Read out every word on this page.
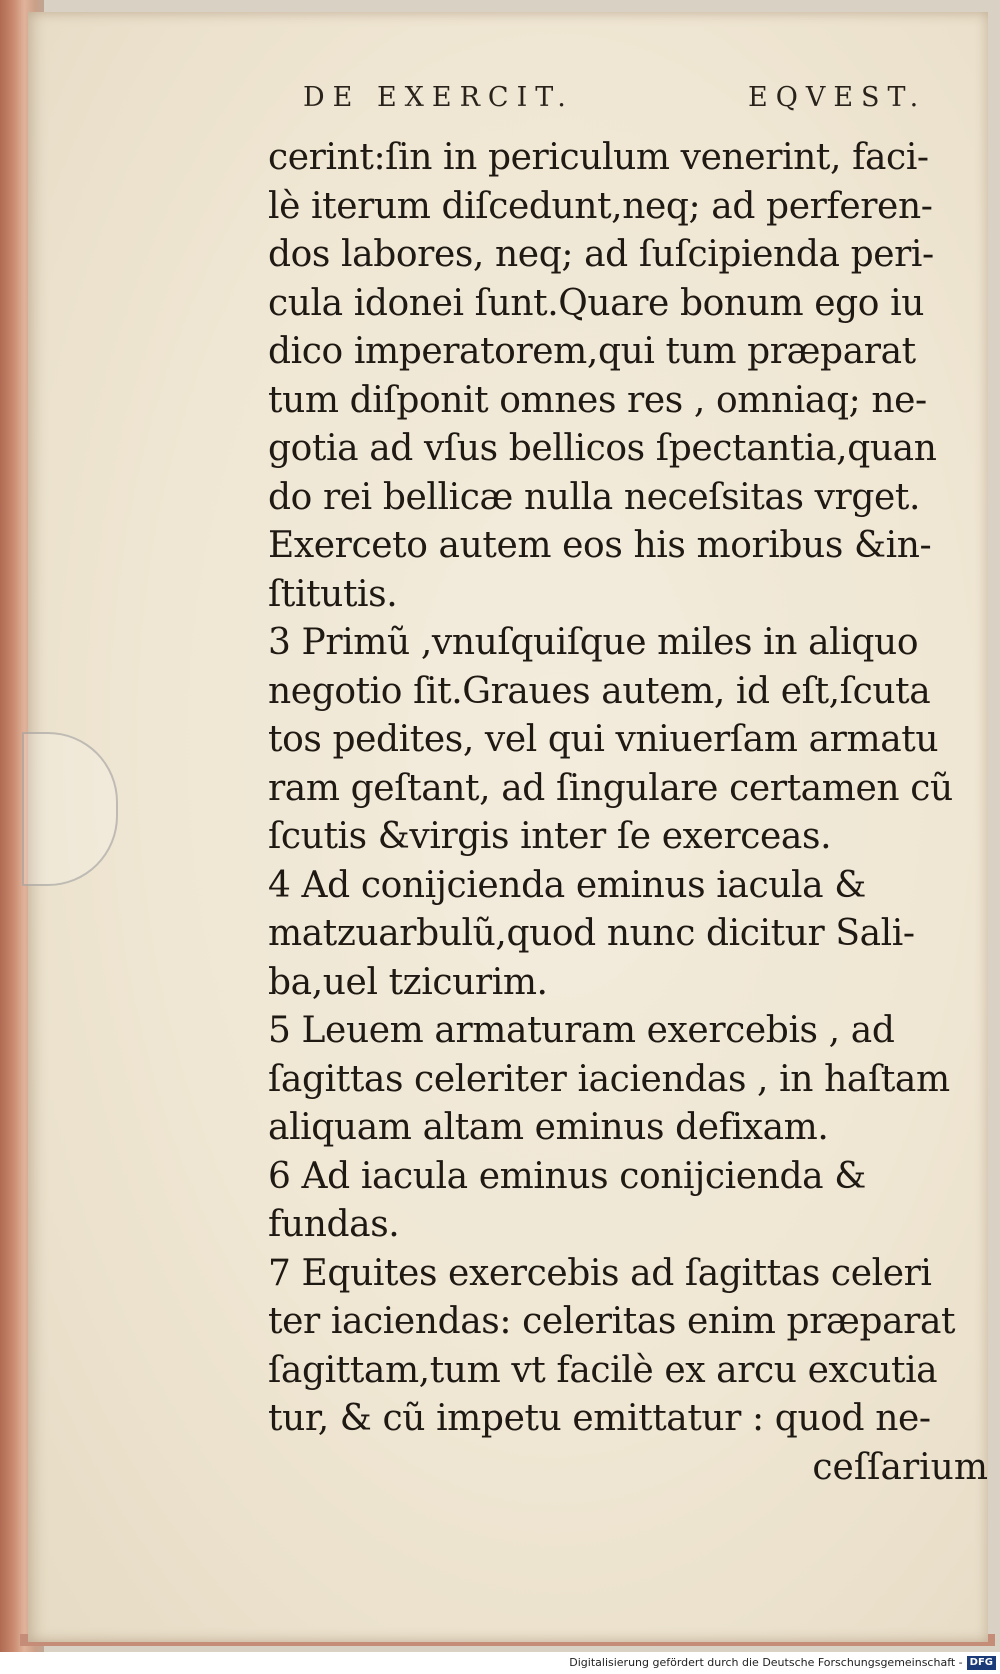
DE EXERCIT.	EQVEST.
cerint:ſin in periculum venerint, faci-
lè iterum diſcedunt,neq; ad perferen-
dos labores, neq; ad ſuſcipienda peri-
cula idonei ſunt.Quare bonum ego iu
dico imperatorem,qui tum præparat
tum diſponit omnes res , omniaq; ne-
gotia ad vſus bellicos ſpectantia,quan
do rei bellicæ nulla neceſsitas vrget.
Exerceto autem eos his moribus &in-
ſtitutis.
3 Primũ ,vnuſquiſque miles in aliquo
negotio ſit.Graues autem, id eſt,ſcuta
tos pedites, vel qui vniuerſam armatu
ram geſtant, ad ſingulare certamen cũ
ſcutis &virgis inter ſe exerceas.
4 Ad conijcienda eminus iacula &
matzuarbulũ,quod nunc dicitur Sali-
ba,uel tzicurim.
5 Leuem armaturam exercebis , ad
ſagittas celeriter iaciendas , in haſtam
aliquam altam eminus defixam.
6 Ad iacula eminus conijcienda &
fundas.
7 Equites exercebis ad ſagittas celeri
ter iaciendas: celeritas enim præparat
ſagittam,tum vt facilè ex arcu excutia
tur, & cũ impetu emittatur : quod ne-
ceſſarium
Digitalisierung gefördert durch die Deutsche Forschungsgemeinschaft - DFG
